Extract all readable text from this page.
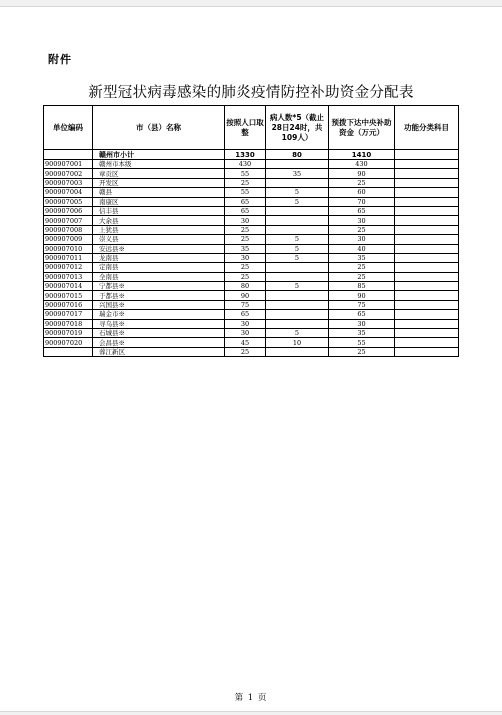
附件
新型冠状病毒感染的肺炎疫情防控补助资金分配表
单位编码	市（县）名称	按照人口取整	病人数*5（截止28日24时，共109人）	预拨下达中央补助资金（万元）	功能分类科目
	赣州市小计	1330	80	1410	
900907001	赣州市本级	430		430	
900907002	章贡区	55	35	90	
900907003	开发区	25		25	
900907004	赣县	55	5	60	
900907005	南康区	65	5	70	
900907006	信丰县	65		65	
900907007	大余县	30		30	
900907008	上犹县	25		25	
900907009	崇义县	25	5	30	
900907010	安远县※	35	5	40	
900907011	龙南县	30	5	35	
900907012	定南县	25		25	
900907013	全南县	25		25	
900907014	宁都县※	80	5	85	
900907015	于都县※	90		90	
900907016	兴国县※	75		75	
900907017	瑞金市※	65		65	
900907018	寻乌县※	30		30	
900907019	石城县※	30	5	35	
900907020	会昌县※	45	10	55	
	蓉江新区	25		25	
第 1 页
